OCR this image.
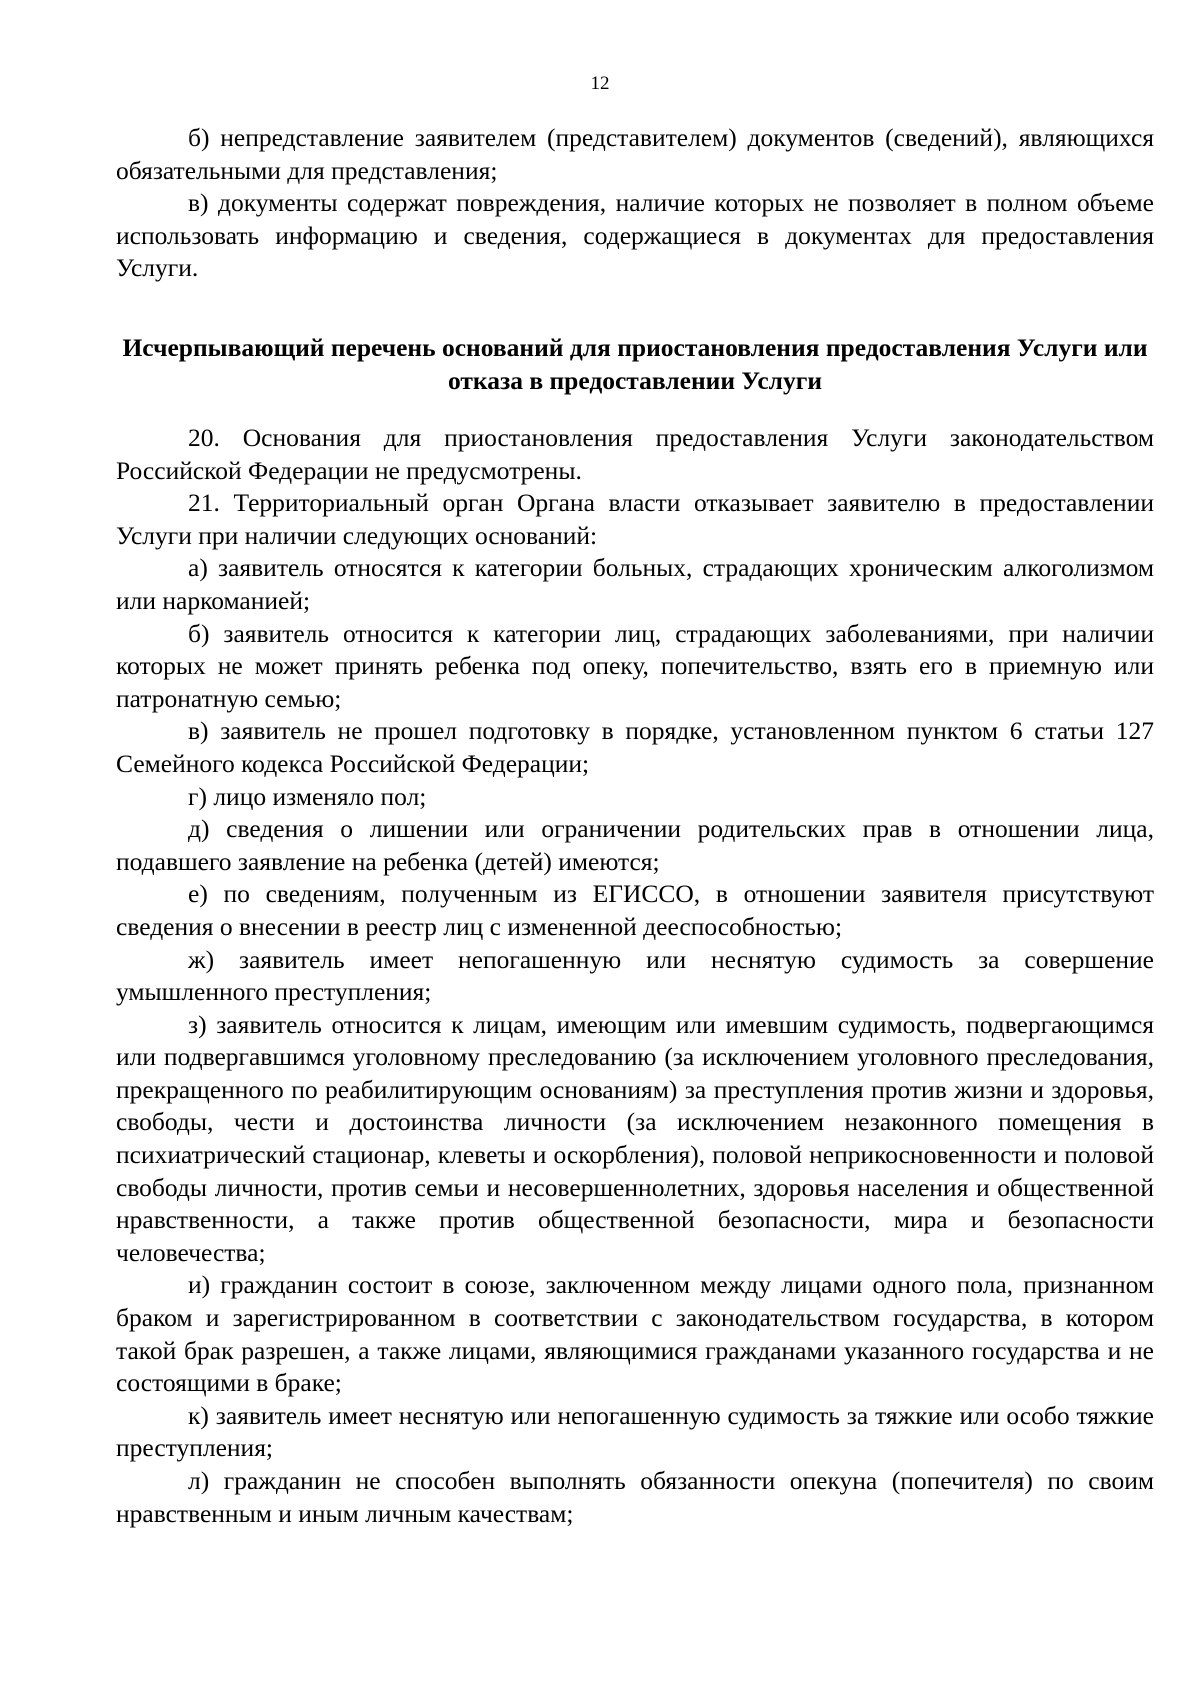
12

б) непредставление заявителем (представителем) документов (сведений), являющихся обязательными для представления;

в) документы содержат повреждения, наличие которых не позволяет в полном объеме использовать информацию и сведения, содержащиеся в документах для предоставления Услуги.

Исчерпывающий перечень оснований для приостановления предоставления Услуги или отказа в предоставлении Услуги

20. Основания для приостановления предоставления Услуги законодательством Российской Федерации не предусмотрены.

21. Территориальный орган Органа власти отказывает заявителю в предоставлении Услуги при наличии следующих оснований:

а) заявитель относятся к категории больных, страдающих хроническим алкоголизмом или наркоманией;

б) заявитель относится к категории лиц, страдающих заболеваниями, при наличии которых не может принять ребенка под опеку, попечительство, взять его в приемную или патронатную семью;

в) заявитель не прошел подготовку в порядке, установленном пунктом 6 статьи 127 Семейного кодекса Российской Федерации;

г) лицо изменяло пол;

д) сведения о лишении или ограничении родительских прав в отношении лица, подавшего заявление на ребенка (детей) имеются;

е) по сведениям, полученным из ЕГИССО, в отношении заявителя присутствуют сведения о внесении в реестр лиц с измененной дееспособностью;

ж) заявитель имеет непогашенную или неснятую судимость за совершение умышленного преступления;

з) заявитель относится к лицам, имеющим или имевшим судимость, подвергающимся или подвергавшимся уголовному преследованию (за исключением уголовного преследования, прекращенного по реабилитирующим основаниям) за преступления против жизни и здоровья, свободы, чести и достоинства личности (за исключением незаконного помещения в психиатрический стационар, клеветы и оскорбления), половой неприкосновенности и половой свободы личности, против семьи и несовершеннолетних, здоровья населения и общественной нравственности, а также против общественной безопасности, мира и безопасности человечества;

и) гражданин состоит в союзе, заключенном между лицами одного пола, признанном браком и зарегистрированном в соответствии с законодательством государства, в котором такой брак разрешен, а также лицами, являющимися гражданами указанного государства и не состоящими в браке;

к) заявитель имеет неснятую или непогашенную судимость за тяжкие или особо тяжкие преступления;

л) гражданин не способен выполнять обязанности опекуна (попечителя) по своим нравственным и иным личным качествам;
